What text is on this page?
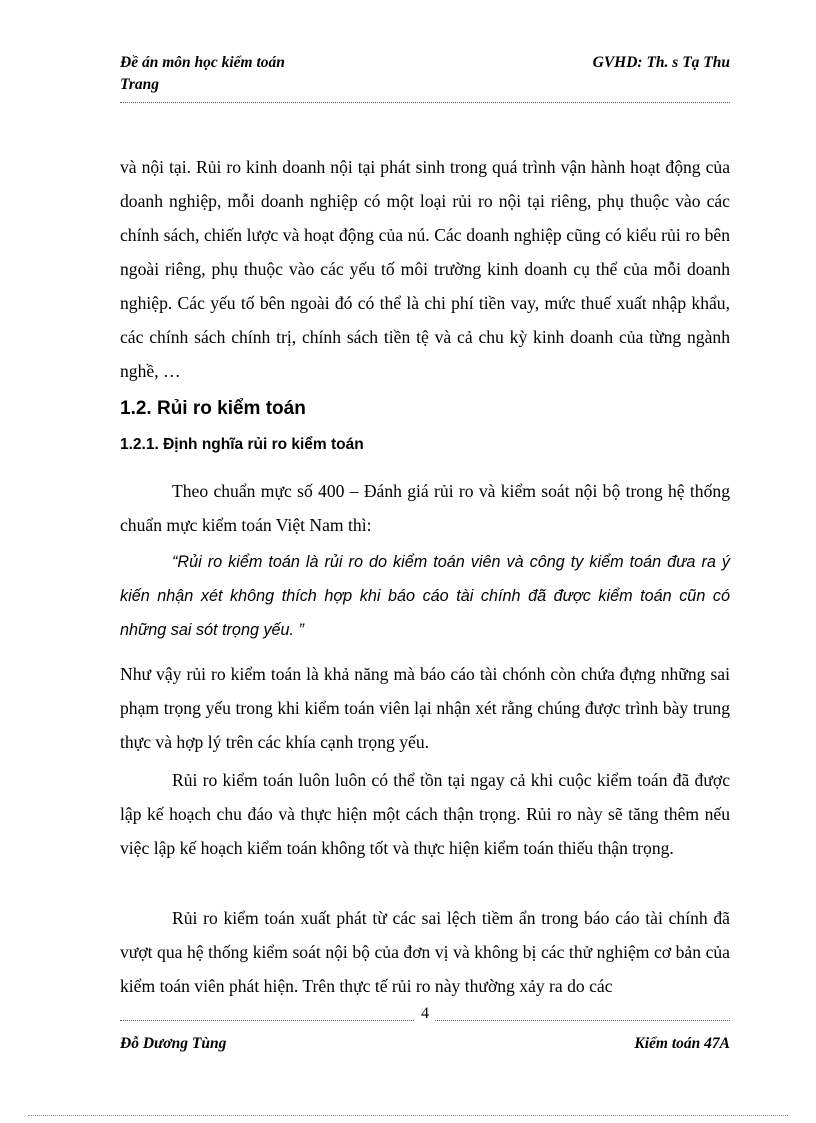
Đề án môn học kiểm toán	GVHD: Th. s Tạ Thu
Trang
và nội tại. Rủi ro kinh doanh nội tại phát sinh trong quá trình vận hành hoạt động của doanh nghiệp, mỗi doanh nghiệp có một loại rủi ro nội tại riêng, phụ thuộc vào các chính sách, chiến lược và hoạt động của nú. Các doanh nghiệp cũng có kiểu rủi ro bên ngoài riêng, phụ thuộc vào các yếu tố môi trường kinh doanh cụ thể của mỗi doanh nghiệp. Các yếu tố bên ngoài đó có thể là chi phí tiền vay, mức thuế xuất nhập khẩu, các chính sách chính trị, chính sách tiền tệ và cả chu kỳ kinh doanh của từng ngành nghề, …
1.2. Rủi ro kiểm toán
1.2.1. Định nghĩa rủi ro kiểm toán
Theo chuẩn mực số 400 – Đánh giá rủi ro và kiểm soát nội bộ trong hệ thống chuẩn mực kiểm toán Việt Nam thì:
“Rủi ro kiểm toán là rủi ro do kiểm toán viên và công ty kiểm toán đưa ra ý kiến nhận xét không thích hợp khi báo cáo tài chính đã được kiểm toán cũn có những sai sót trọng yếu. ”
Như vậy rủi ro kiểm toán là khả năng mà báo cáo tài chónh còn chứa đựng những sai phạm trọng yếu trong khi kiểm toán viên lại nhận xét rằng chúng được trình bày trung thực và hợp lý trên các khía cạnh trọng yếu.
Rủi ro kiểm toán luôn luôn có thể tồn tại ngay cả khi cuộc kiểm toán đã được lập kế hoạch chu đáo và thực hiện một cách thận trọng. Rủi ro này sẽ tăng thêm nếu việc lập kế hoạch kiểm toán không tốt và thực hiện kiểm toán thiếu thận trọng.
Rủi ro kiểm toán xuất phát từ các sai lệch tiềm ẩn trong báo cáo tài chính đã vượt qua hệ thống kiểm soát nội bộ của đơn vị và không bị các thử nghiệm cơ bản của kiểm toán viên phát hiện. Trên thực tế rủi ro này thường xảy ra do các
4
Đỗ Dương Tùng	Kiểm toán 47A
